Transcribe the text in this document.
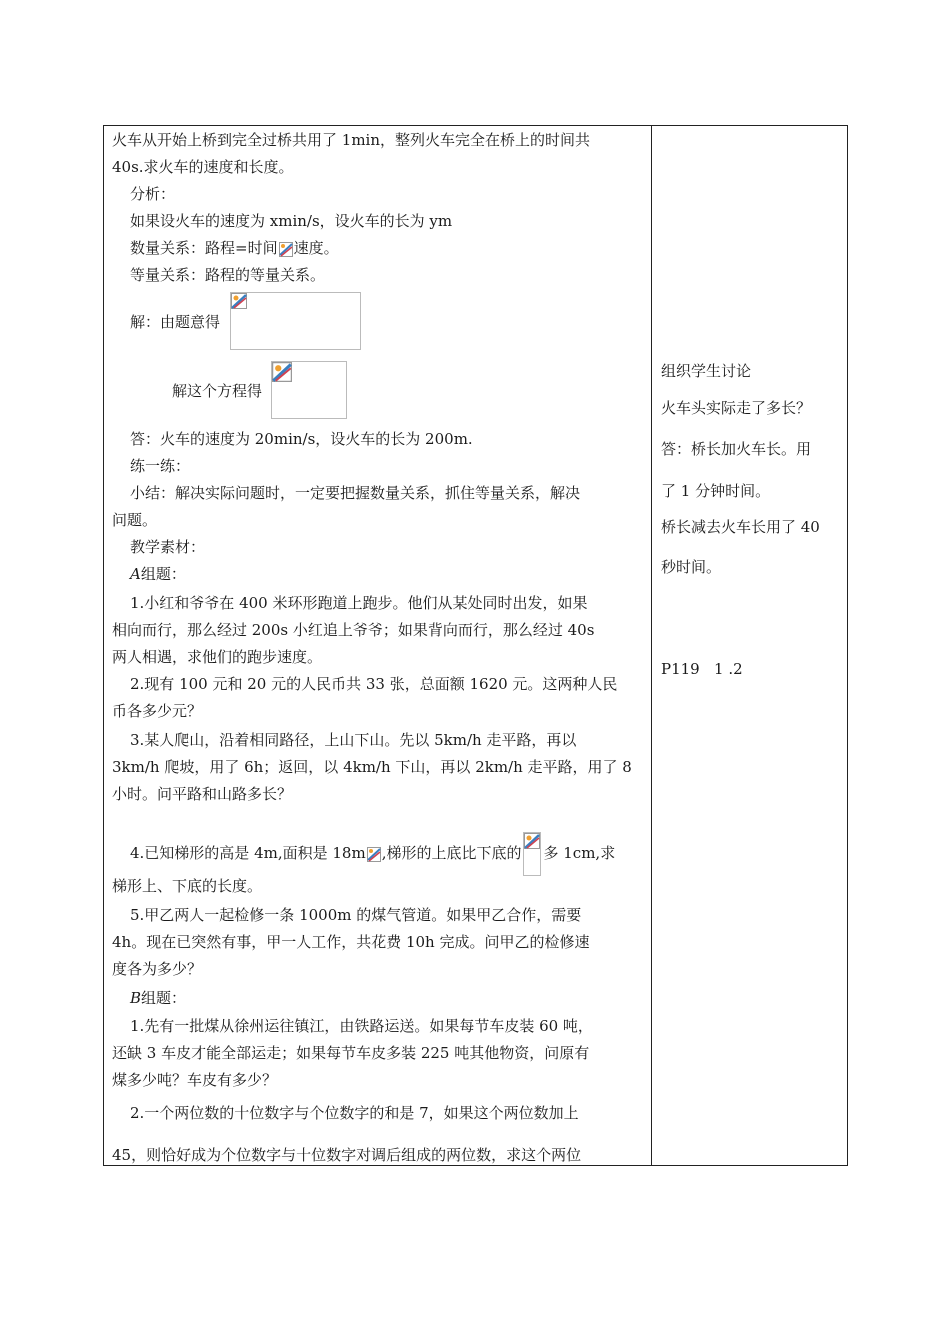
火车从开始上桥到完全过桥共用了 1min，整列火车完全在桥上的时间共
40s.求火车的速度和长度。
分析：
如果设火车的速度为 xmin/s，设火车的长为 ym
数量关系：路程=时间 速度。
等量关系：路程的等量关系。
解：由题意得
解这个方程得
答：火车的速度为 20min/s，设火车的长为 200m.
练一练：
小结：解决实际问题时，一定要把握数量关系，抓住等量关系，解决
问题。
教学素材：
A组题：
1.小红和爷爷在 400 米环形跑道上跑步。他们从某处同时出发，如果
相向而行，那么经过 200s 小红追上爷爷；如果背向而行，那么经过 40s
两人相遇，求他们的跑步速度。
2.现有 100 元和 20 元的人民币共 33 张，总面额 1620 元。这两种人民
币各多少元？
3.某人爬山，沿着相同路径，上山下山。先以 5km/h 走平路，再以
3km/h 爬坡，用了 6h；返回，以 4km/h 下山，再以 2km/h 走平路，用了 8
小时。问平路和山路多长？
4.已知梯形的高是 4m,面积是 18m ,梯形的上底比下底的 多 1cm,求
梯形上、下底的长度。
5.甲乙两人一起检修一条 1000m 的煤气管道。如果甲乙合作，需要
4h。现在已突然有事，甲一人工作，共花费 10h 完成。问甲乙的检修速
度各为多少？
B组题：
1.先有一批煤从徐州运往镇江，由铁路运送。如果每节车皮装 60 吨，
还缺 3 车皮才能全部运走；如果每节车皮多装 225 吨其他物资，问原有
煤多少吨？车皮有多少？
2.一个两位数的十位数字与个位数字的和是 7，如果这个两位数加上
45，则恰好成为个位数字与十位数字对调后组成的两位数，求这个两位
组织学生讨论
火车头实际走了多长？
答：桥长加火车长。用
了 1 分钟时间。
桥长减去火车长用了 40
秒时间。
P119   1 .2
